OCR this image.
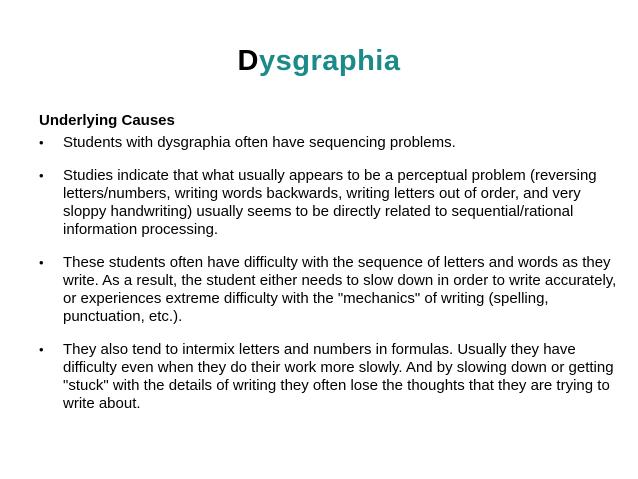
Dysgraphia
Underlying Causes
•	Students with dysgraphia often have sequencing problems.
•	Studies indicate that what usually appears to be a perceptual problem (reversing letters/numbers, writing words backwards, writing letters out of order, and very sloppy handwriting) usually seems to be directly related to sequential/rational information processing.
•	These students often have difficulty with the sequence of letters and words as they write. As a result, the student either needs to slow down in order to write accurately, or experiences extreme difficulty with the "mechanics" of writing (spelling, punctuation, etc.).
•	They also tend to intermix letters and numbers in formulas. Usually they have difficulty even when they do their work more slowly. And by slowing down or getting "stuck" with the details of writing they often lose the thoughts that they are trying to write about.
